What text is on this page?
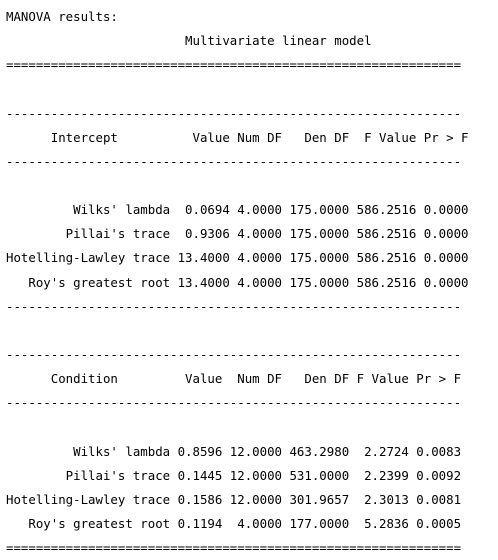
MANOVA results:
Multivariate linear model
=============================================================

-------------------------------------------------------------
Intercept          Value Num DF   Den DF  F Value Pr > F
-------------------------------------------------------------

Wilks' lambda  0.0694 4.0000 175.0000 586.2516 0.0000
Pillai's trace  0.9306 4.0000 175.0000 586.2516 0.0000
Hotelling-Lawley trace 13.4000 4.0000 175.0000 586.2516 0.0000
Roy's greatest root 13.4000 4.0000 175.0000 586.2516 0.0000
-------------------------------------------------------------

-------------------------------------------------------------
Condition         Value  Num DF   Den DF F Value Pr > F
-------------------------------------------------------------

Wilks' lambda 0.8596 12.0000 463.2980  2.2724 0.0083
Pillai's trace 0.1445 12.0000 531.0000  2.2399 0.0092
Hotelling-Lawley trace 0.1586 12.0000 301.9657  2.3013 0.0081
Roy's greatest root 0.1194  4.0000 177.0000  5.2836 0.0005
=============================================================
